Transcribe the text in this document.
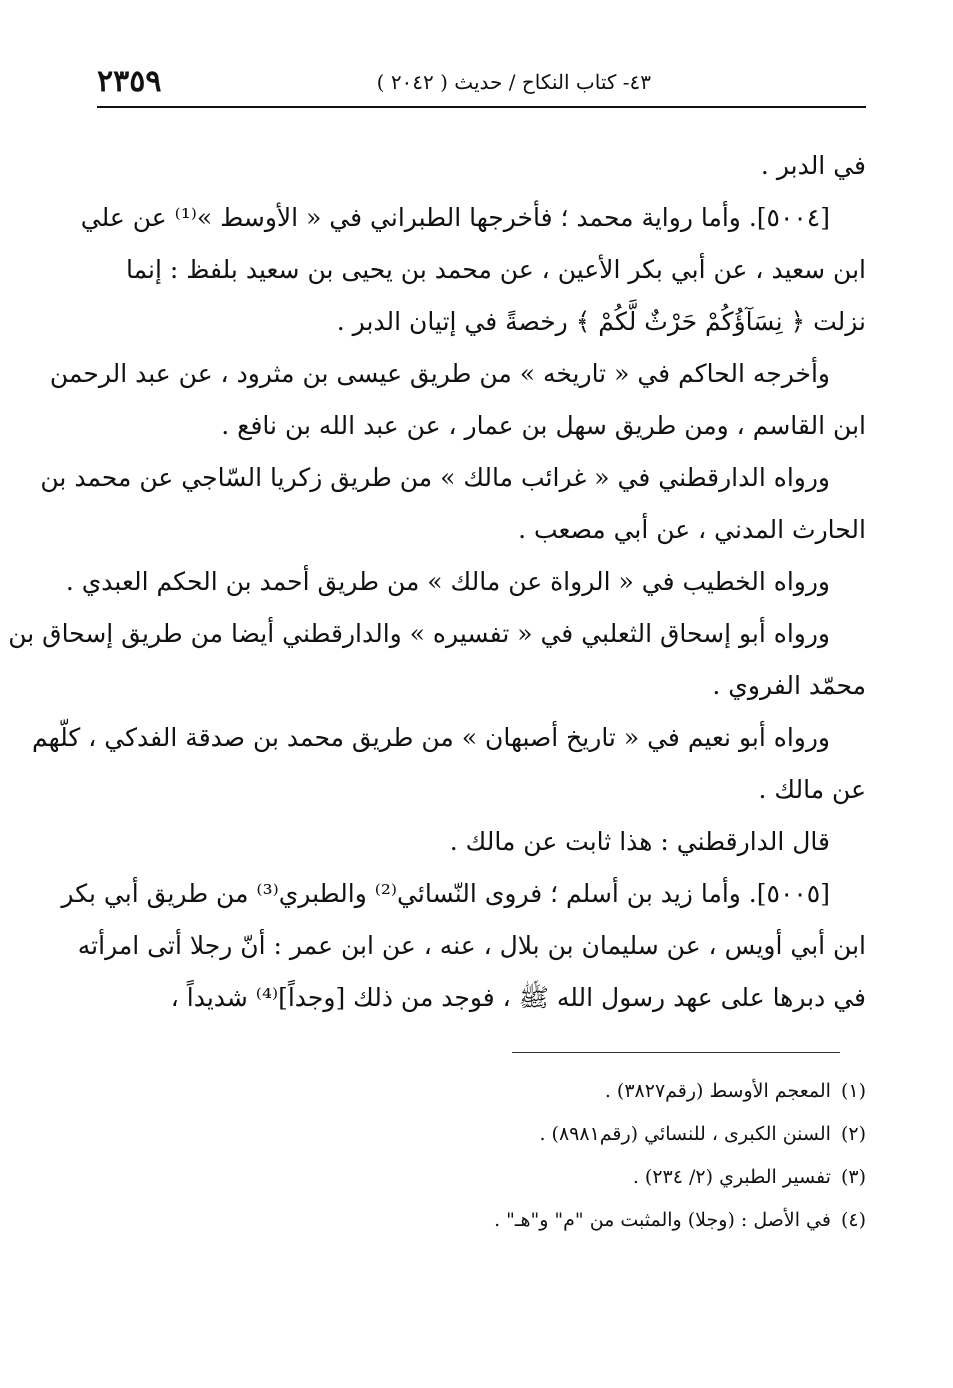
٤٣- كتاب النكاح / حديث ( ٢٠٤٢ )
٢٣٥٩
في الدبر .
[٥٠٠٤]. وأما رواية محمد ؛ فأخرجها الطبراني في « الأوسط »⁽¹⁾ عن علي
ابن سعيد ، عن أبي بكر الأعين ، عن محمد بن يحيى بن سعيد بلفظ : إنما
نزلت ﴿ نِسَآؤُكُمْ حَرْثٌ لَّكُمْ ﴾ رخصةً في إتيان الدبر .
وأخرجه الحاكم في « تاريخه » من طريق عيسى بن مثرود ، عن عبد الرحمن
ابن القاسم ، ومن طريق سهل بن عمار ، عن عبد الله بن نافع .
ورواه الدارقطني في « غرائب مالك » من طريق زكريا السّاجي عن محمد بن
الحارث المدني ، عن أبي مصعب .
ورواه الخطيب في « الرواة عن مالك » من طريق أحمد بن الحكم العبدي .
ورواه أبو إسحاق الثعلبي في « تفسيره » والدارقطني أيضا من طريق إسحاق بن
محمّد الفروي .
ورواه أبو نعيم في « تاريخ أصبهان » من طريق محمد بن صدقة الفدكي ، كلّهم
عن مالك .
قال الدارقطني : هذا ثابت عن مالك .
[٥٠٠٥]. وأما زيد بن أسلم ؛ فروى النّسائي⁽²⁾ والطبري⁽³⁾ من طريق أبي بكر
ابن أبي أويس ، عن سليمان بن بلال ، عنه ، عن ابن عمر : أنّ رجلا أتى امرأته
في دبرها على عهد رسول الله ﷺ ، فوجد من ذلك [وجداً]⁽⁴⁾ شديداً ،
(١)المعجم الأوسط (رقم٣٨٢٧) .
(٢)السنن الكبرى ، للنسائي (رقم٨٩٨١) .
(٣)تفسير الطبري (٢/ ٢٣٤) .
(٤)في الأصل : (وجلا) والمثبت من "م" و"هـ" .
